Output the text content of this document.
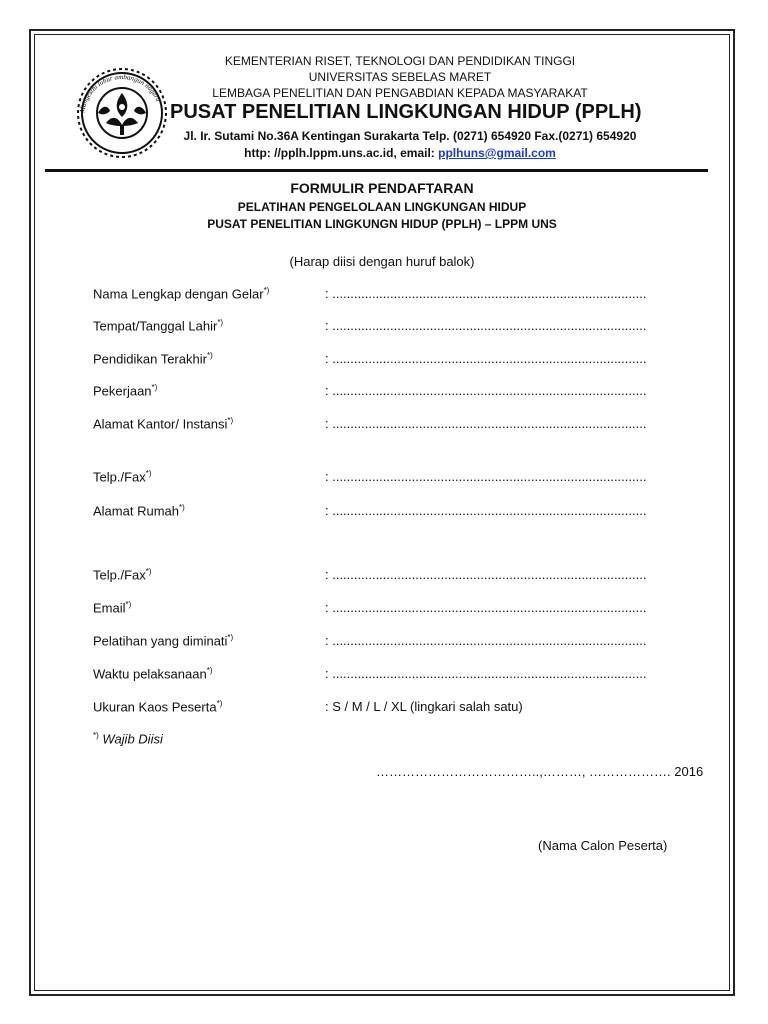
Mangesthi luhur ambangun nagara
KEMENTERIAN RISET, TEKNOLOGI DAN PENDIDIKAN TINGGI
UNIVERSITAS SEBELAS MARET
LEMBAGA PENELITIAN DAN PENGABDIAN KEPADA MASYARAKAT
PUSAT PENELITIAN LINGKUNGAN HIDUP (PPLH)
Jl. Ir. Sutami No.36A Kentingan Surakarta Telp. (0271) 654920 Fax.(0271) 654920
http: //pplh.lppm.uns.ac.id, email: pplhuns@gmail.com
FORMULIR PENDAFTARAN
PELATIHAN PENGELOLAAN LINGKUNGAN HIDUP
PUSAT PENELITIAN LINGKUNGN HIDUP (PPLH) – LPPM UNS
(Harap diisi dengan huruf balok)
Nama Lengkap dengan Gelar*)	: .......................................................................................
Tempat/Tanggal Lahir*)	: .......................................................................................
Pendidikan Terakhir*)	: .......................................................................................
Pekerjaan*)	: .......................................................................................
Alamat Kantor/ Instansi*)	: .......................................................................................
Telp./Fax*)	: .......................................................................................
Alamat Rumah*)	: .......................................................................................
Telp./Fax*)	: .......................................................................................
Email*)	: .......................................................................................
Pelatihan yang diminati*)	: .......................................................................................
Waktu pelaksanaan*)	: .......................................................................................
Ukuran Kaos Peserta*)	: S / M / L / XL (lingkari salah satu)
*) Wajib Diisi
………………………………..,………, ………………. 2016
(Nama Calon Peserta)
